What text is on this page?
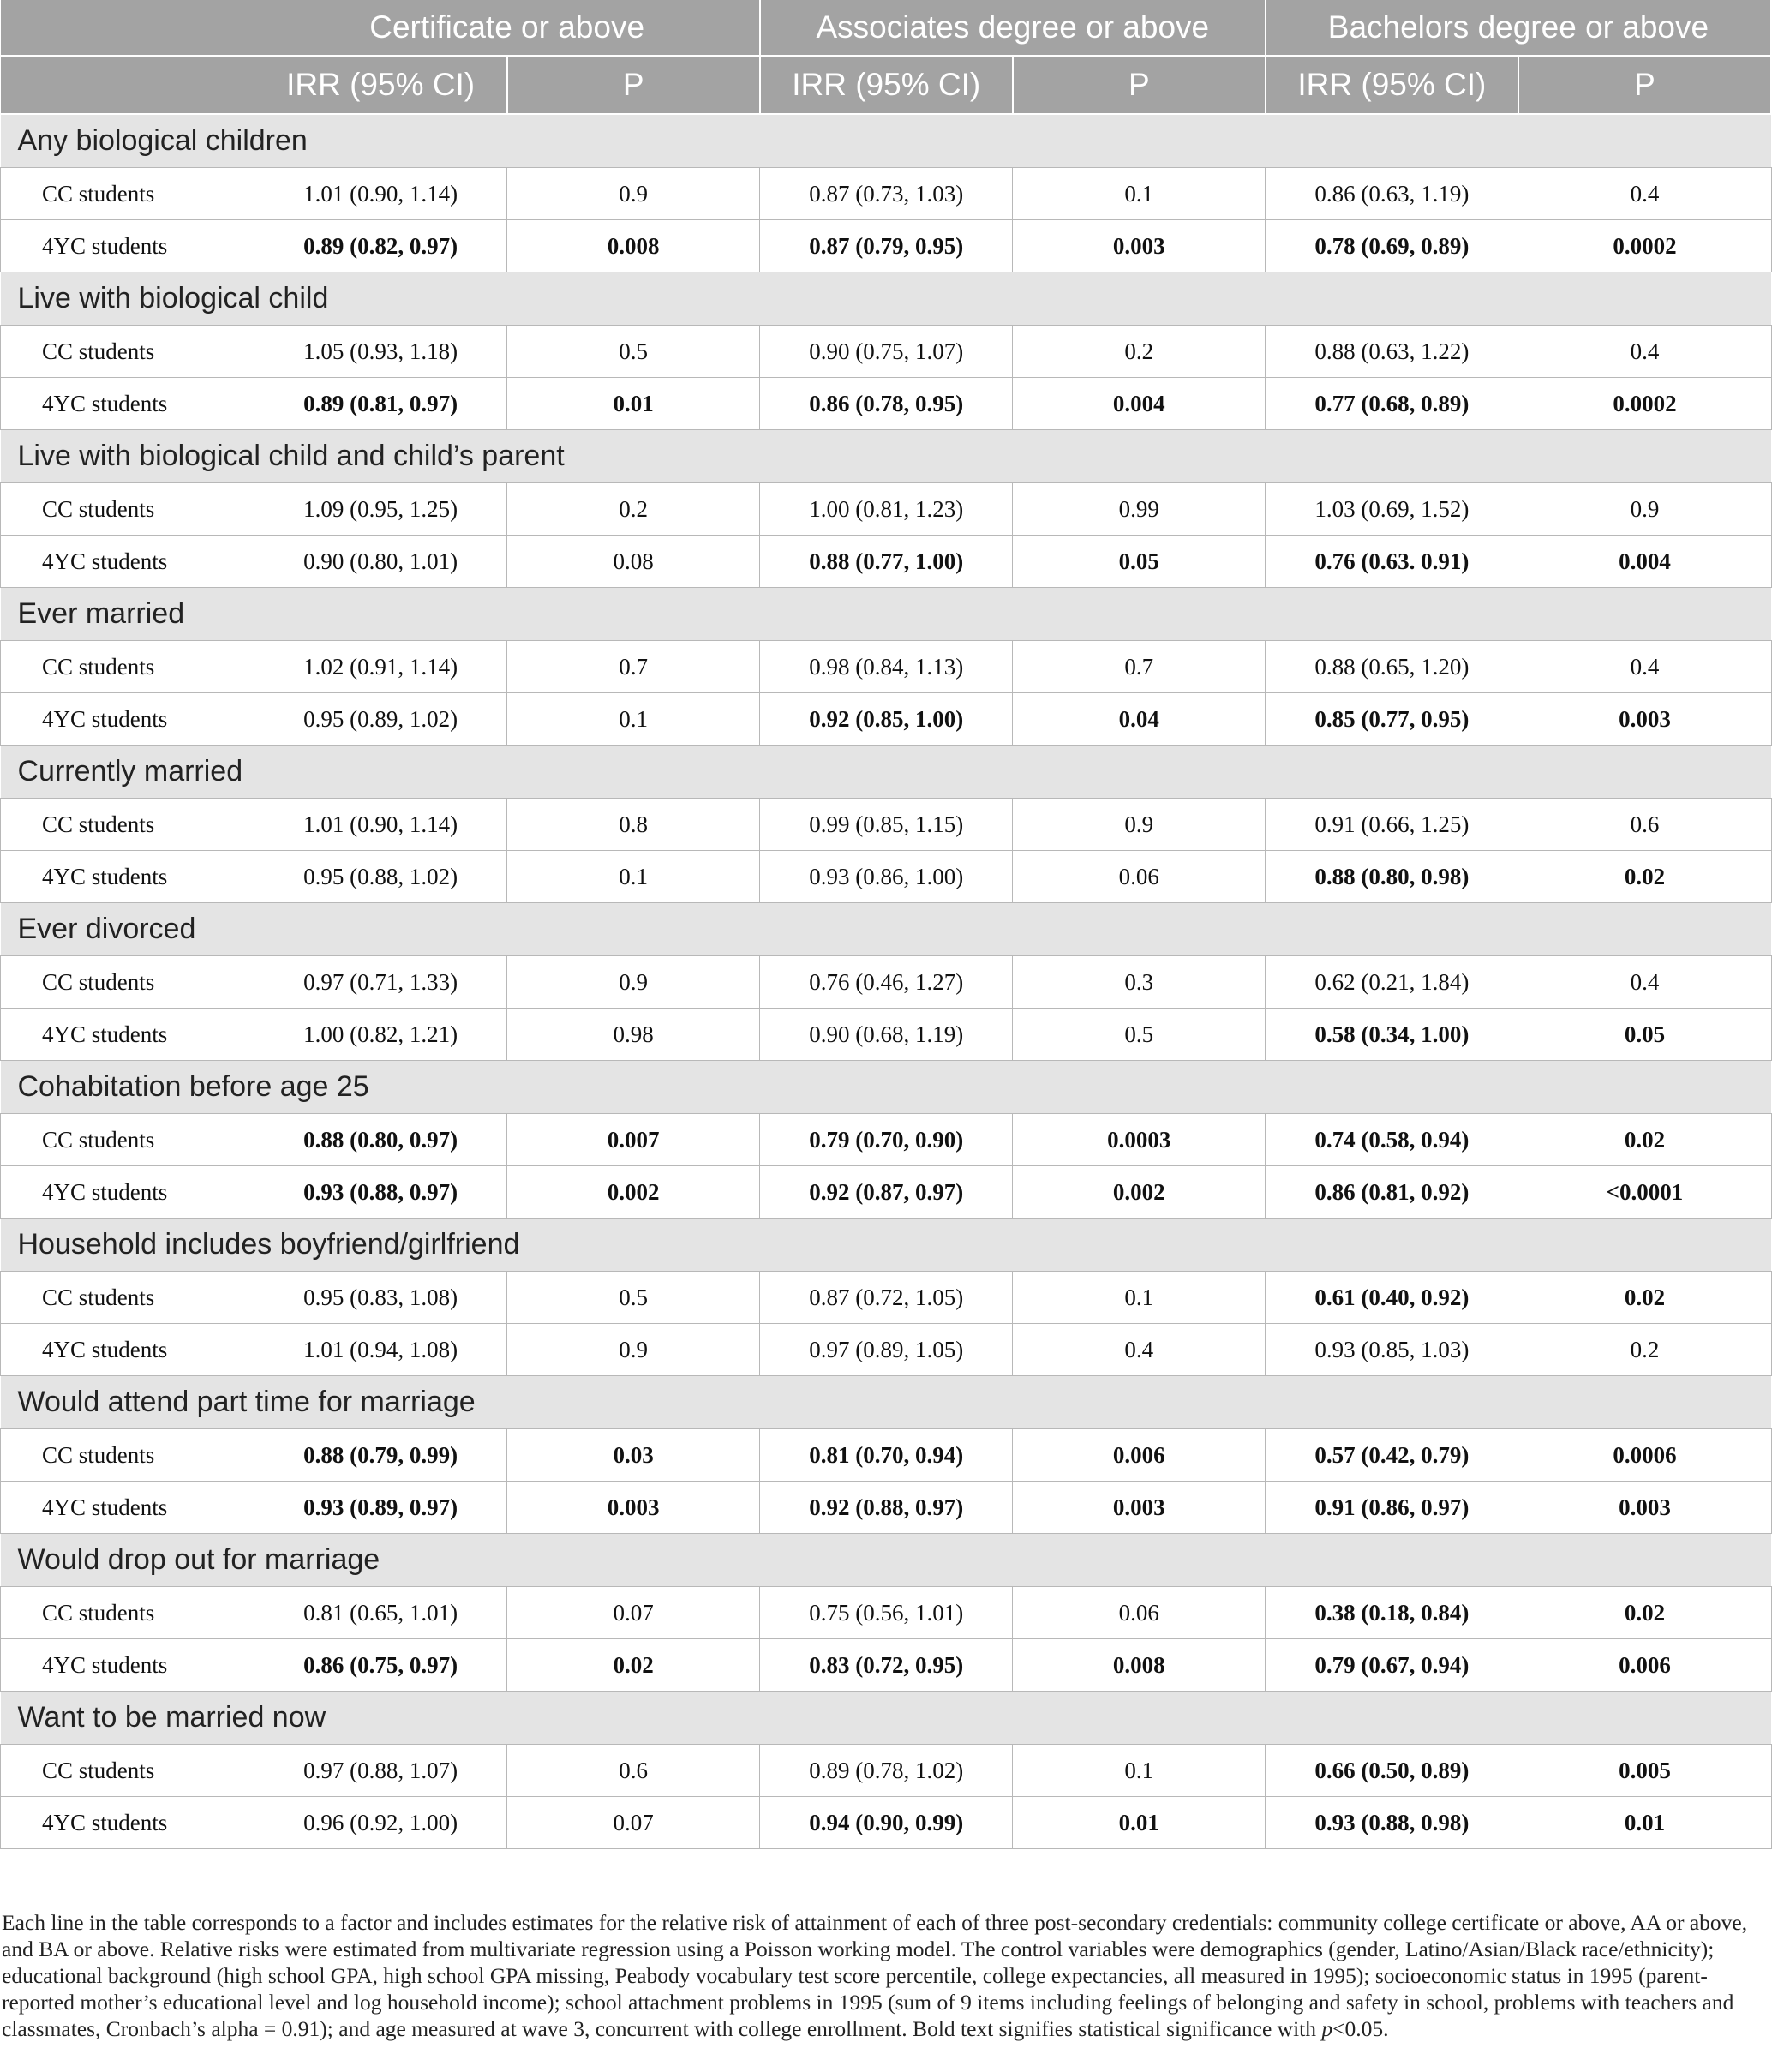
	Certificate or above		Associates degree or above		Bachelors degree or above	
	IRR (95% CI)	P	IRR (95% CI)	P	IRR (95% CI)	P
Any biological children						
CC students	1.01 (0.90, 1.14)	0.9	0.87 (0.73, 1.03)	0.1	0.86 (0.63, 1.19)	0.4
4YC students	0.89 (0.82, 0.97)	0.008	0.87 (0.79, 0.95)	0.003	0.78 (0.69, 0.89)	0.0002
Live with biological child						
CC students	1.05 (0.93, 1.18)	0.5	0.90 (0.75, 1.07)	0.2	0.88 (0.63, 1.22)	0.4
4YC students	0.89 (0.81, 0.97)	0.01	0.86 (0.78, 0.95)	0.004	0.77 (0.68, 0.89)	0.0002
Live with biological child and child’s parent						
CC students	1.09 (0.95, 1.25)	0.2	1.00 (0.81, 1.23)	0.99	1.03 (0.69, 1.52)	0.9
4YC students	0.90 (0.80, 1.01)	0.08	0.88 (0.77, 1.00)	0.05	0.76 (0.63. 0.91)	0.004
Ever married						
CC students	1.02 (0.91, 1.14)	0.7	0.98 (0.84, 1.13)	0.7	0.88 (0.65, 1.20)	0.4
4YC students	0.95 (0.89, 1.02)	0.1	0.92 (0.85, 1.00)	0.04	0.85 (0.77, 0.95)	0.003
Currently married						
CC students	1.01 (0.90, 1.14)	0.8	0.99 (0.85, 1.15)	0.9	0.91 (0.66, 1.25)	0.6
4YC students	0.95 (0.88, 1.02)	0.1	0.93 (0.86, 1.00)	0.06	0.88 (0.80, 0.98)	0.02
Ever divorced						
CC students	0.97 (0.71, 1.33)	0.9	0.76 (0.46, 1.27)	0.3	0.62 (0.21, 1.84)	0.4
4YC students	1.00 (0.82, 1.21)	0.98	0.90 (0.68, 1.19)	0.5	0.58 (0.34, 1.00)	0.05
Cohabitation before age 25						
CC students	0.88 (0.80, 0.97)	0.007	0.79 (0.70, 0.90)	0.0003	0.74 (0.58, 0.94)	0.02
4YC students	0.93 (0.88, 0.97)	0.002	0.92 (0.87, 0.97)	0.002	0.86 (0.81, 0.92)	<0.0001
Household includes boyfriend/girlfriend						
CC students	0.95 (0.83, 1.08)	0.5	0.87 (0.72, 1.05)	0.1	0.61 (0.40, 0.92)	0.02
4YC students	1.01 (0.94, 1.08)	0.9	0.97 (0.89, 1.05)	0.4	0.93 (0.85, 1.03)	0.2
Would attend part time for marriage						
CC students	0.88 (0.79, 0.99)	0.03	0.81 (0.70, 0.94)	0.006	0.57 (0.42, 0.79)	0.0006
4YC students	0.93 (0.89, 0.97)	0.003	0.92 (0.88, 0.97)	0.003	0.91 (0.86, 0.97)	0.003
Would drop out for marriage						
CC students	0.81 (0.65, 1.01)	0.07	0.75 (0.56, 1.01)	0.06	0.38 (0.18, 0.84)	0.02
4YC students	0.86 (0.75, 0.97)	0.02	0.83 (0.72, 0.95)	0.008	0.79 (0.67, 0.94)	0.006
Want to be married now						
CC students	0.97 (0.88, 1.07)	0.6	0.89 (0.78, 1.02)	0.1	0.66 (0.50, 0.89)	0.005
4YC students	0.96 (0.92, 1.00)	0.07	0.94 (0.90, 0.99)	0.01	0.93 (0.88, 0.98)	0.01

Each line in the table corresponds to a factor and includes estimates for the relative risk of attainment of each of three post-secondary credentials: community college certificate or above, AA or above, and BA or above. Relative risks were estimated from multivariate regression using a Poisson working model. The control variables were demographics (gender, Latino/Asian/Black race/ethnicity); educational background (high school GPA, high school GPA missing, Peabody vocabulary test score percentile, college expectancies, all measured in 1995); socioeconomic status in 1995 (parent-reported mother’s educational level and log household income); school attachment problems in 1995 (sum of 9 items including feelings of belonging and safety in school, problems with teachers and classmates, Cronbach’s alpha = 0.91); and age measured at wave 3, concurrent with college enrollment. Bold text signifies statistical significance with p<0.05.
